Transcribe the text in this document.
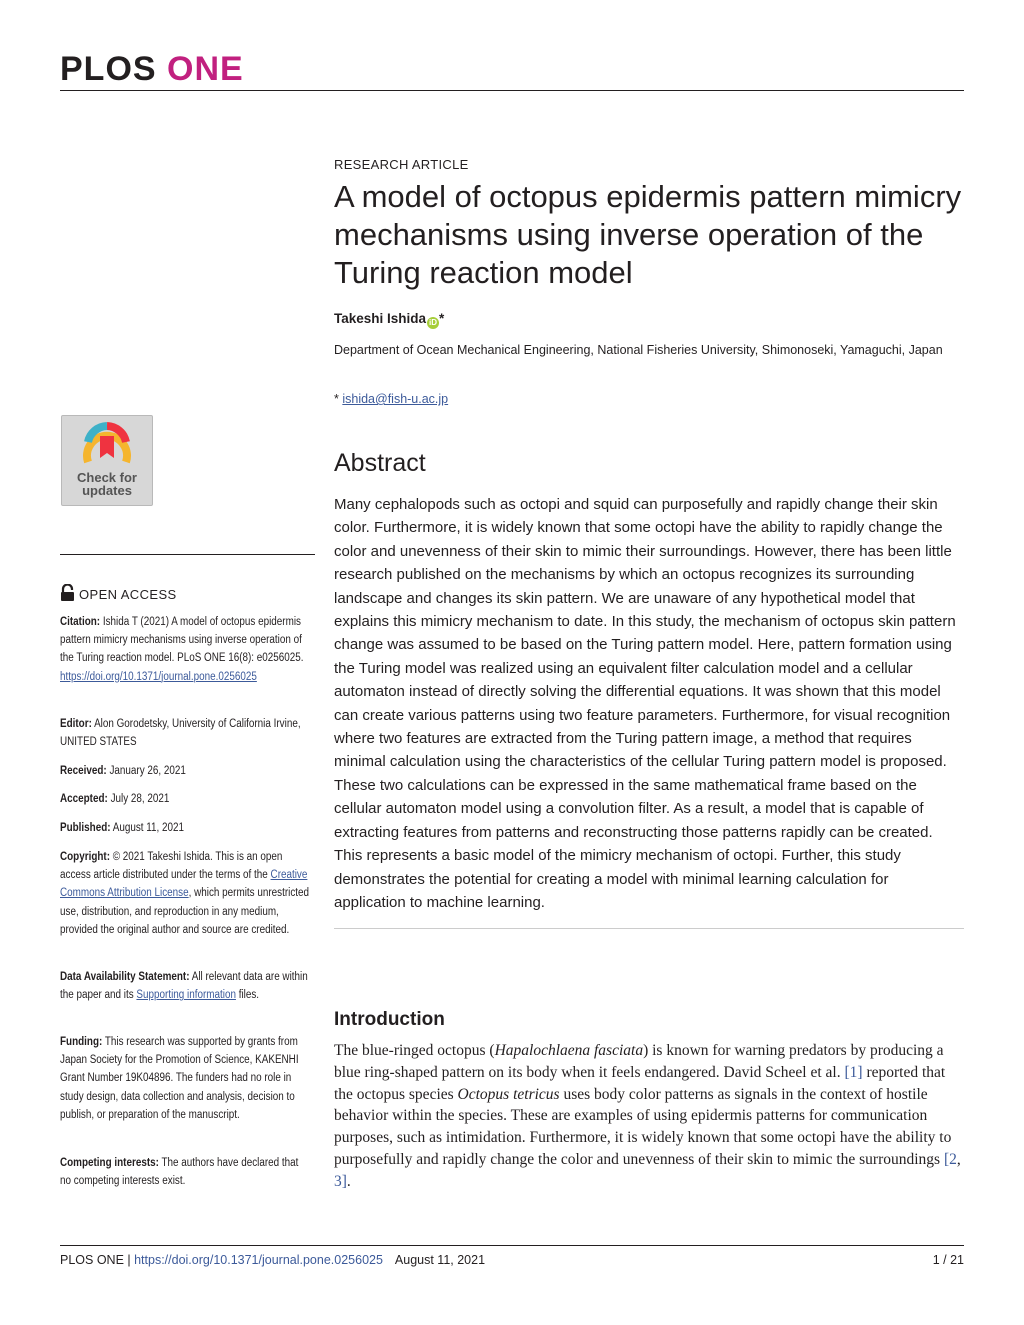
PLOS ONE
RESEARCH ARTICLE
A model of octopus epidermis pattern mimicry mechanisms using inverse operation of the Turing reaction model
Takeshi Ishida iD *
Department of Ocean Mechanical Engineering, National Fisheries University, Shimonoseki, Yamaguchi, Japan
* ishida@fish-u.ac.jp
Check for
updates
OPEN ACCESS
Citation: Ishida T (2021) A model of octopus epidermis pattern mimicry mechanisms using inverse operation of the Turing reaction model. PLoS ONE 16(8): e0256025. https://doi.org/10.1371/journal.pone.0256025
Editor: Alon Gorodetsky, University of California Irvine, UNITED STATES
Received: January 26, 2021
Accepted: July 28, 2021
Published: August 11, 2021
Copyright: © 2021 Takeshi Ishida. This is an open access article distributed under the terms of the Creative Commons Attribution License, which permits unrestricted use, distribution, and reproduction in any medium, provided the original author and source are credited.
Data Availability Statement: All relevant data are within the paper and its Supporting information files.
Funding: This research was supported by grants from Japan Society for the Promotion of Science, KAKENHI Grant Number 19K04896. The funders had no role in study design, data collection and analysis, decision to publish, or preparation of the manuscript.
Competing interests: The authors have declared that no competing interests exist.
Abstract

Many cephalopods such as octopi and squid can purposefully and rapidly change their skin color. Furthermore, it is widely known that some octopi have the ability to rapidly change the color and unevenness of their skin to mimic their surroundings. However, there has been little research published on the mechanisms by which an octopus recognizes its surrounding landscape and changes its skin pattern. We are unaware of any hypothetical model that explains this mimicry mechanism to date. In this study, the mechanism of octopus skin pattern change was assumed to be based on the Turing pattern model. Here, pattern formation using the Turing model was realized using an equivalent filter calculation model and a cellular automaton instead of directly solving the differential equations. It was shown that this model can create various patterns using two feature parameters. Furthermore, for visual recognition where two features are extracted from the Turing pattern image, a method that requires minimal calculation using the characteristics of the cellular Turing pattern model is proposed. These two calculations can be expressed in the same mathematical frame based on the cellular automaton model using a convolution filter. As a result, a model that is capable of extracting features from patterns and reconstructing those patterns rapidly can be created. This represents a basic model of the mimicry mechanism of octopi. Further, this study demonstrates the potential for creating a model with minimal learning calculation for application to machine learning.

Introduction

The blue-ringed octopus (Hapalochlaena fasciata) is known for warning predators by producing a blue ring-shaped pattern on its body when it feels endangered. David Scheel et al. [1] reported that the octopus species Octopus tetricus uses body color patterns as signals in the context of hostile behavior within the species. These are examples of using epidermis patterns for communication purposes, such as intimidation. Furthermore, it is widely known that some octopi have the ability to purposefully and rapidly change the color and unevenness of their skin to mimic the surroundings [2, 3].

PLOS ONE | https://doi.org/10.1371/journal.pone.0256025 August 11, 2021	1 / 21
